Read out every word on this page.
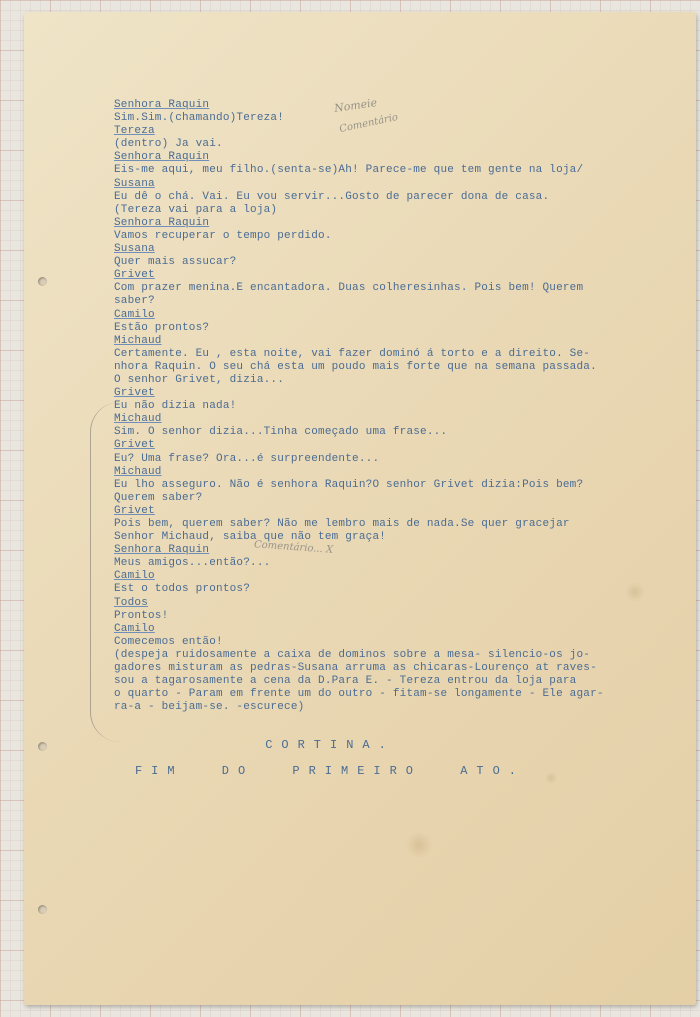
Senhora Raquin
Sim.Sim.(chamando)Tereza!
Tereza
(dentro) Ja vai.
Senhora Raquin
Eis-me aqui, meu filho.(senta-se)Ah! Parece-me que tem gente na loja/
Susana
Eu dê o chá. Vai. Eu vou servir...Gosto de parecer dona de casa.
(Tereza vai para a loja)
Senhora Raquin
Vamos recuperar o tempo perdido.
Susana
Quer mais assucar?
Grivet
Com prazer menina.É encantadora. Duas colheresinhas. Pois bem! Querem
saber?
Camilo
Estão prontos?
Michaud
Certamente. Eu , esta noite, vai fazer dominó á torto e a direito. Se-
nhora Raquin. O seu chá esta um poudo mais forte que na semana passada.
O senhor Grivet, dizia...
Grivet
Eu não dizia nada!
Michaud
Sim. O senhor dizia...Tinha começado uma frase...
Grivet
Eu? Uma frase? Ora...é surpreendente...
Michaud
Eu lho asseguro. Não é senhora Raquin?O senhor Grivet dizia:Pois bem?
Querem saber?
Grivet
Pois bem, querem saber? Não me lembro mais de nada.Se quer gracejar
Senhor Michaud, saiba que não tem graça!
Senhora Raquin
Meus amigos...então?...
Camilo
Est o todos prontos?
Todos
Prontos!
Camilo
Comecemos então!
(despeja ruidosamente a caixa de dominos sobre a mesa- silencio-os jo-
gadores misturam as pedras-Susana arruma as chicaras-Lourenço at raves-
sou a tagarosamente a cena da D.Para E. - Tereza entrou da loja para
o quarto - Param em frente um do outro - fitam-se longamente - Ele agar-
ra-a - beijam-se. -escurece)
Nomeie
Comentário
Comentário... X
CORTINA.
FIM DO PRIMEIRO ATO.
